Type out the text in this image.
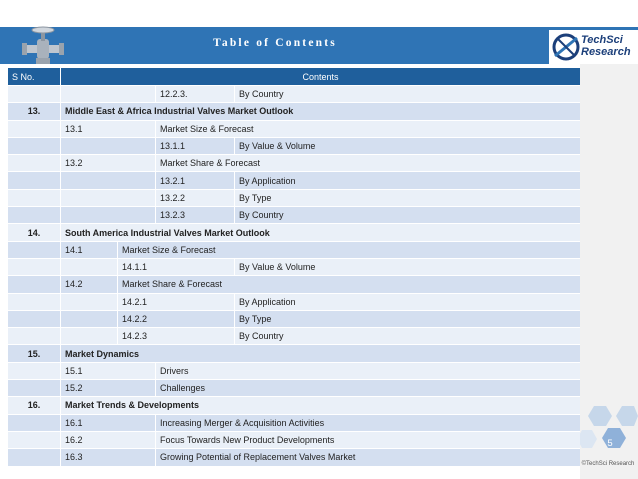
Table of Contents	TechSci
Research
S No.	Contents			
			12.2.3.	By Country
13.	Middle East & Africa Industrial Valves Market Outlook			
	13.1		Market Size & Forecast	
			13.1.1	By Value & Volume
	13.2		Market Share & Forecast	
			13.2.1	By Application
			13.2.2	By Type
			13.2.3	By Country
14.	South America Industrial Valves Market Outlook			
	14.1	Market Size & Forecast		
		14.1.1		By Value & Volume
	14.2	Market Share & Forecast		
		14.2.1		By Application
		14.2.2		By Type
		14.2.3		By Country
15.	Market Dynamics			
	15.1		Drivers	
	15.2		Challenges	
16.	Market Trends & Developments			
	16.1		Increasing Merger & Acquisition Activities	
	16.2		Focus Towards New Product Developments	
	16.3		Growing Potential of Replacement Valves Market	
5
©TechSci Research
